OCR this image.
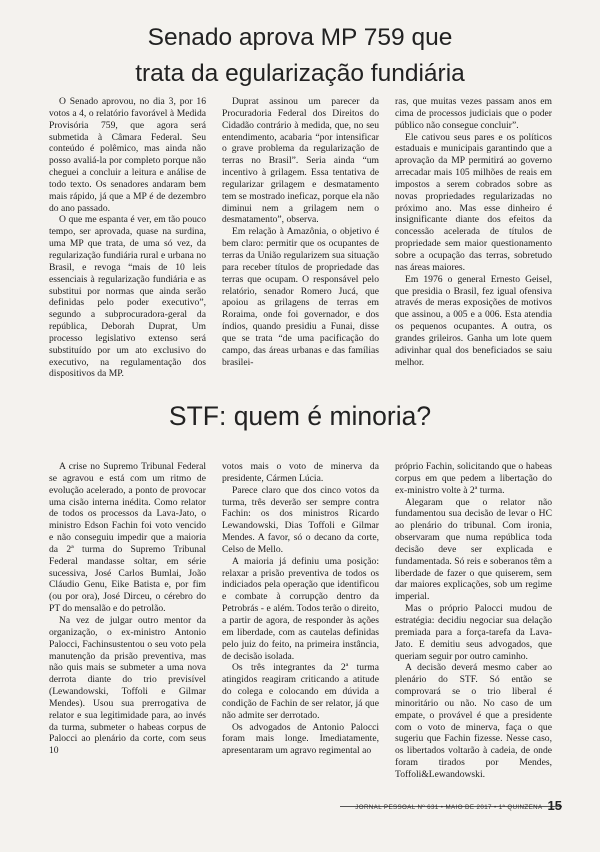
Senado aprova MP 759 que
trata da egularização fundiária

O Senado aprovou, no dia 3, por 16 votos a 4, o relatório favorável à Medida Provisória 759, que agora será submetida à Câmara Federal. Seu conteúdo é polêmico, mas ainda não posso avaliá-la por completo porque não cheguei a concluir a leitura e análise de todo texto. Os senadores andaram bem mais rápido, já que a MP é de dezembro do ano passado.

O que me espanta é ver, em tão pouco tempo, ser aprovada, quase na surdina, uma MP que trata, de uma só vez, da regularização fundiária rural e urbana no Brasil, e revoga “mais de 10 leis essenciais à regularização fundiária e as substitui por normas que ainda serão definidas pelo poder executivo”, segundo a subprocuradora-geral da república, Deborah Duprat, Um processo legislativo extenso será substituído por um ato exclusivo do executivo, na regulamentação dos dispositivos da MP.

Duprat assinou um parecer da Procuradoria Federal dos Direitos do Cidadão contrário à medida, que, no seu entendimento, acabaria “por intensificar o grave problema da regularização de terras no Brasil”. Seria ainda “um incentivo à grilagem. Essa tentativa de regularizar grilagem e desmatamento tem se mostrado ineficaz, porque ela não diminui nem a grilagem nem o desmatamento”, observa.

Em relação à Amazônia, o objetivo é bem claro: permitir que os ocupantes de terras da União regularizem sua situação para receber títulos de propriedade das terras que ocupam. O responsável pelo relatório, senador Romero Jucá, que apoiou as grilagens de terras em Roraima, onde foi governador, e dos índios, quando presidiu a Funai, disse que se trata “de uma pacificação do campo, das áreas urbanas e das famílias brasilei-

ras, que muitas vezes passam anos em cima de processos judiciais que o poder público não consegue concluir”.

Ele cativou seus pares e os políticos estaduais e municipais garantindo que a aprovação da MP permitirá ao governo arrecadar mais 105 milhões de reais em impostos a serem cobrados sobre as novas propriedades regularizadas no próximo ano. Mas esse dinheiro é insignificante diante dos efeitos da concessão acelerada de títulos de propriedade sem maior questionamento sobre a ocupação das terras, sobretudo nas áreas maiores.

Em 1976 o general Ernesto Geisel, que presidia o Brasil, fez igual ofensiva através de meras exposições de motivos que assinou, a 005 e a 006. Esta atendia os pequenos ocupantes. A outra, os grandes grileiros. Ganha um lote quem adivinhar qual dos beneficiados se saiu melhor.

STF: quem é minoria?

A crise no Supremo Tribunal Federal se agravou e está com um ritmo de evolução acelerado, a ponto de provocar uma cisão interna inédita. Como relator de todos os processos da Lava-Jato, o ministro Edson Fachin foi voto vencido e não conseguiu impedir que a maioria da 2ª turma do Supremo Tribunal Federal mandasse soltar, em série sucessiva, José Carlos Bumlai, João Cláudio Genu, Eike Batista e, por fim (ou por ora), José Dirceu, o cérebro do PT do mensalão e do petrolão.

Na vez de julgar outro mentor da organização, o ex-ministro Antonio Palocci, Fachinsustentou o seu voto pela manutenção da prisão preventiva, mas não quis mais se submeter a uma nova derrota diante do trio previsível (Lewandowski, Toffoli e Gilmar Mendes). Usou sua prerrogativa de relator e sua legitimidade para, ao invés da turma, submeter o habeas corpus de Palocci ao plenário da corte, com seus 10

votos mais o voto de minerva da presidente, Cármen Lúcia.

Parece claro que dos cinco votos da turma, três deverão ser sempre contra Fachin: os dos ministros Ricardo Lewandowski, Dias Toffoli e Gilmar Mendes. A favor, só o decano da corte, Celso de Mello.

A maioria já definiu uma posição: relaxar a prisão preventiva de todos os indiciados pela operação que identificou e combate à corrupção dentro da Petrobrás - e além. Todos terão o direito, a partir de agora, de responder às ações em liberdade, com as cautelas definidas pelo juiz do feito, na primeira instância, de decisão isolada.

Os três integrantes da 2ª turma atingidos reagiram criticando a atitude do colega e colocando em dúvida a condição de Fachin de ser relator, já que não admite ser derrotado.

Os advogados de Antonio Palocci foram mais longe. Imediatamente, apresentaram um agravo regimental ao

próprio Fachin, solicitando que o habeas corpus em que pedem a libertação do ex-ministro volte à 2ª turma.

Alegaram que o relator não fundamentou sua decisão de levar o HC ao plenário do tribunal. Com ironia, observaram que numa república toda decisão deve ser explicada e fundamentada. Só reis e soberanos têm a liberdade de fazer o que quiserem, sem dar maiores explicações, sob um regime imperial.

Mas o próprio Palocci mudou de estratégia: decidiu negociar sua delação premiada para a força-tarefa da Lava-Jato. E demitiu seus advogados, que queriam seguir por outro caminho.

A decisão deverá mesmo caber ao plenário do STF. Só então se comprovará se o trio liberal é minoritário ou não. No caso de um empate, o provável é que a presidente com o voto de minerva, faça o que sugeriu que Fachin fizesse. Nesse caso, os libertados voltarão à cadeia, de onde foram tirados por Mendes, Toffoli&Lewandowski.

JORNAL PESSOAL Nº 631 • MAIO DE 2017 • 1ª QUINZENA 15
